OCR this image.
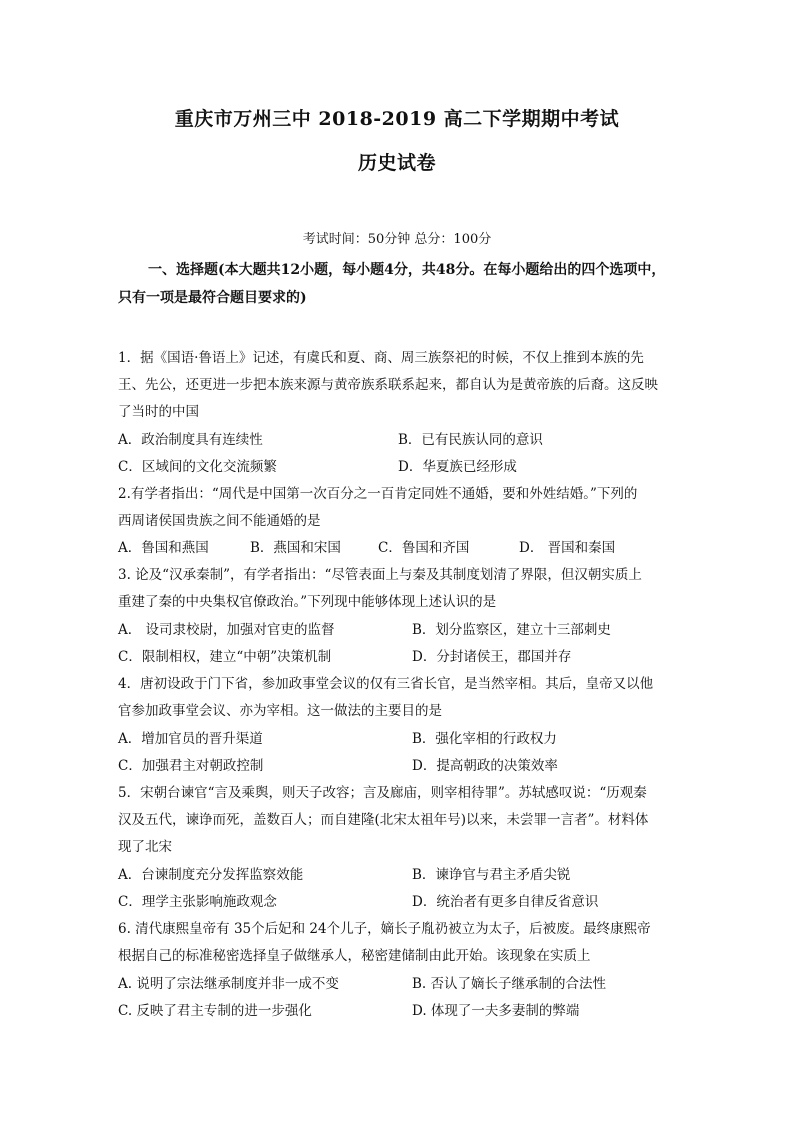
重庆市万州三中 2018-2019 高二下学期期中考试
历史试卷
考试时间：50分钟 总分：100分
一、选择题(本大题共12小题，每小题4分，共48分。在每小题给出的四个选项中，
只有一项是最符合题目要求的)
1．据《国语·鲁语上》记述，有虞氏和夏、商、周三族祭祀的时候，不仅上推到本族的先
王、先公，还更进一步把本族来源与黄帝族系联系起来，都自认为是黄帝族的后裔。这反映
了当时的中国
A．政治制度具有连续性	B．已有民族认同的意识
C．区域间的文化交流频繁	D．华夏族已经形成
2.有学者指出：“周代是中国第一次百分之一百肯定同姓不通婚，要和外姓结婚。”下列的
西周诸侯国贵族之间不能通婚的是
A．鲁国和燕国	B．燕国和宋国	C．鲁国和齐国	D． 晋国和秦国
3. 论及“汉承秦制”，有学者指出：“尽管表面上与秦及其制度划清了界限，但汉朝实质上
重建了秦的中央集权官僚政治。”下列现中能够体现上述认识的是
A． 设司隶校尉，加强对官吏的监督	B．划分监察区，建立十三部刺史
C．限制相权，建立“中朝”决策机制	D．分封诸侯王，郡国并存
4．唐初设政于门下省，参加政事堂会议的仅有三省长官，是当然宰相。其后，皇帝又以他
官参加政事堂会议、亦为宰相。这一做法的主要目的是
A．增加官员的晋升渠道	B．强化宰相的行政权力
C．加强君主对朝政控制	D．提高朝政的决策效率
5．宋朝台谏官“言及乘舆，则天子改容；言及廊庙，则宰相待罪”。苏轼感叹说：“历观秦
汉及五代，谏诤而死，盖数百人；而自建隆(北宋太祖年号)以来，未尝罪一言者”。材料体
现了北宋
A．台谏制度充分发挥监察效能	B．谏诤官与君主矛盾尖锐
C．理学主张影响施政观念	D．统治者有更多自律反省意识
6. 清代康熙皇帝有 35个后妃和 24个儿子，嫡长子胤礽被立为太子，后被废。最终康熙帝
根据自己的标准秘密选择皇子做继承人，秘密建储制由此开始。该现象在实质上
A. 说明了宗法继承制度并非一成不变	B. 否认了嫡长子继承制的合法性
C. 反映了君主专制的进一步强化	D. 体现了一夫多妻制的弊端
